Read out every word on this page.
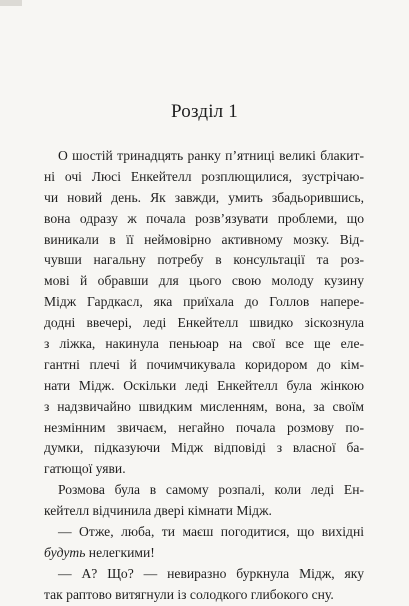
Розділ 1

О шостій тринадцять ранку п’ятниці великі блакит-
ні очі Люсі Енкейтелл розплющилися, зустрічаю-
чи новий день. Як завжди, умить збадьорившись,
вона одразу ж почала розв’язувати проблеми, що
виникали в її неймовірно активному мозку. Від-
чувши нагальну потребу в консультації та роз-
мові й обравши для цього свою молоду кузину
Мідж Гардкасл, яка приїхала до Голлов напере-
додні ввечері, леді Енкейтелл швидко зіскознула
з ліжка, накинула пеньюар на свої все ще еле-
гантні плечі й почимчикувала коридором до кім-
нати Мідж. Оскільки леді Енкейтелл була жінкою
з надзвичайно швидким мисленням, вона, за своїм
незмінним звичаєм, негайно почала розмову по-
думки, підказуючи Мідж відповіді з власної ба-
гатющої уяви.

Розмова була в самому розпалі, коли леді Ен-
кейтелл відчинила двері кімнати Мідж.

— Отже, люба, ти маєш погодитися, що вихідні
будуть нелегкими!

— А? Що? — невиразно буркнула Мідж, яку
так раптово витягнули із солодкого глибокого сну.
